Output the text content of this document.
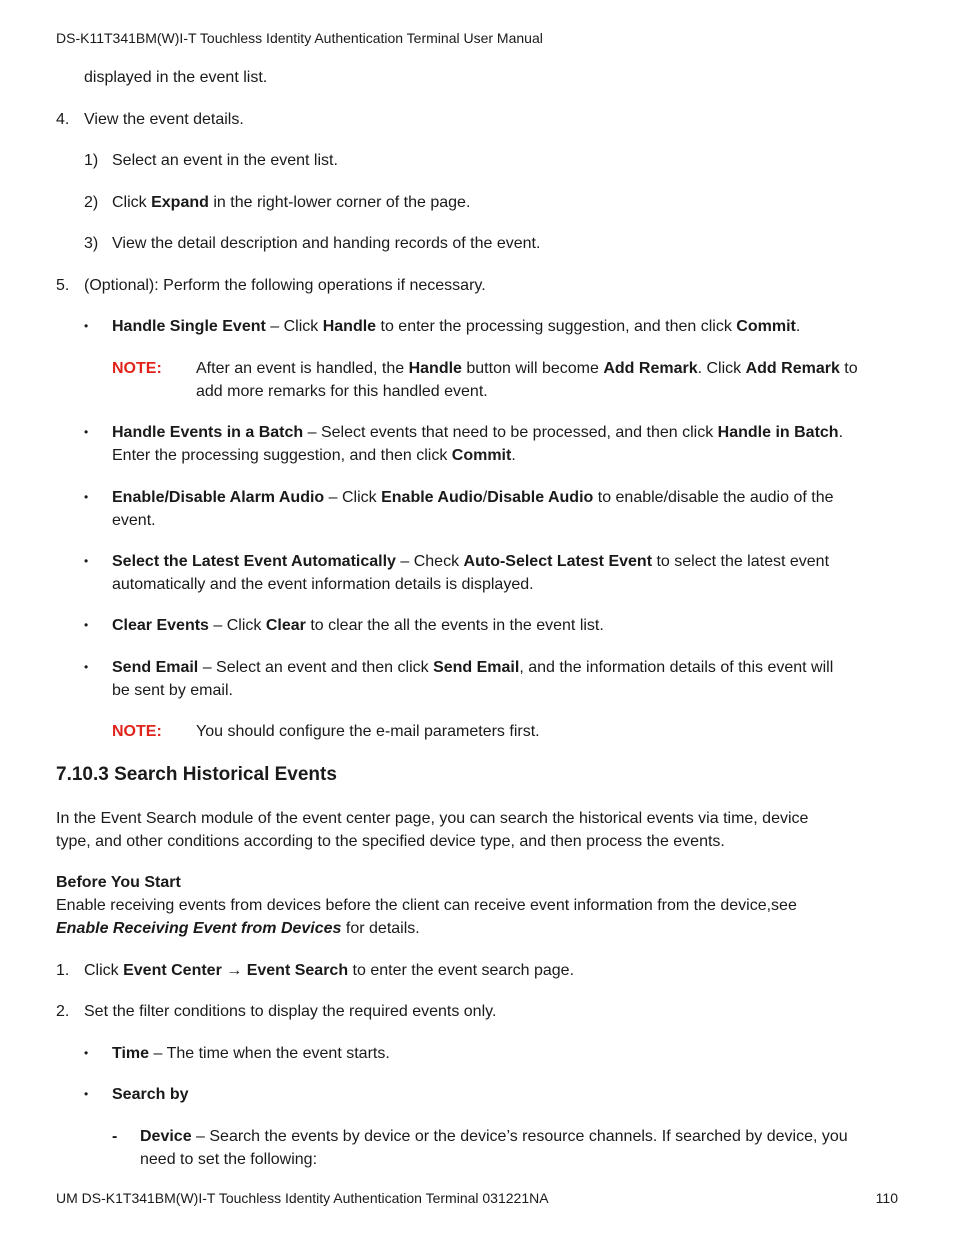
DS-K11T341BM(W)I-T Touchless Identity Authentication Terminal User Manual
displayed in the event list.
4. View the event details.
1) Select an event in the event list.
2) Click Expand in the right-lower corner of the page.
3) View the detail description and handing records of the event.
5. (Optional): Perform the following operations if necessary.
• Handle Single Event – Click Handle to enter the processing suggestion, and then click Commit.
NOTE: After an event is handled, the Handle button will become Add Remark. Click Add Remark to
add more remarks for this handled event.
• Handle Events in a Batch – Select events that need to be processed, and then click Handle in Batch.
Enter the processing suggestion, and then click Commit.
• Enable/Disable Alarm Audio – Click Enable Audio/Disable Audio to enable/disable the audio of the
event.
• Select the Latest Event Automatically – Check Auto-Select Latest Event to select the latest event
automatically and the event information details is displayed.
• Clear Events – Click Clear to clear the all the events in the event list.
• Send Email – Select an event and then click Send Email, and the information details of this event will
be sent by email.
NOTE: You should configure the e-mail parameters first.
7.10.3 Search Historical Events
In the Event Search module of the event center page, you can search the historical events via time, device
type, and other conditions according to the specified device type, and then process the events.
Before You Start
Enable receiving events from devices before the client can receive event information from the device,see
Enable Receiving Event from Devices for details.
1. Click Event Center → Event Search to enter the event search page.
2. Set the filter conditions to display the required events only.
• Time – The time when the event starts.
• Search by
- Device – Search the events by device or the device’s resource channels. If searched by device, you
need to set the following:
UM DS-K1T341BM(W)I-T Touchless Identity Authentication Terminal 031221NA	110
